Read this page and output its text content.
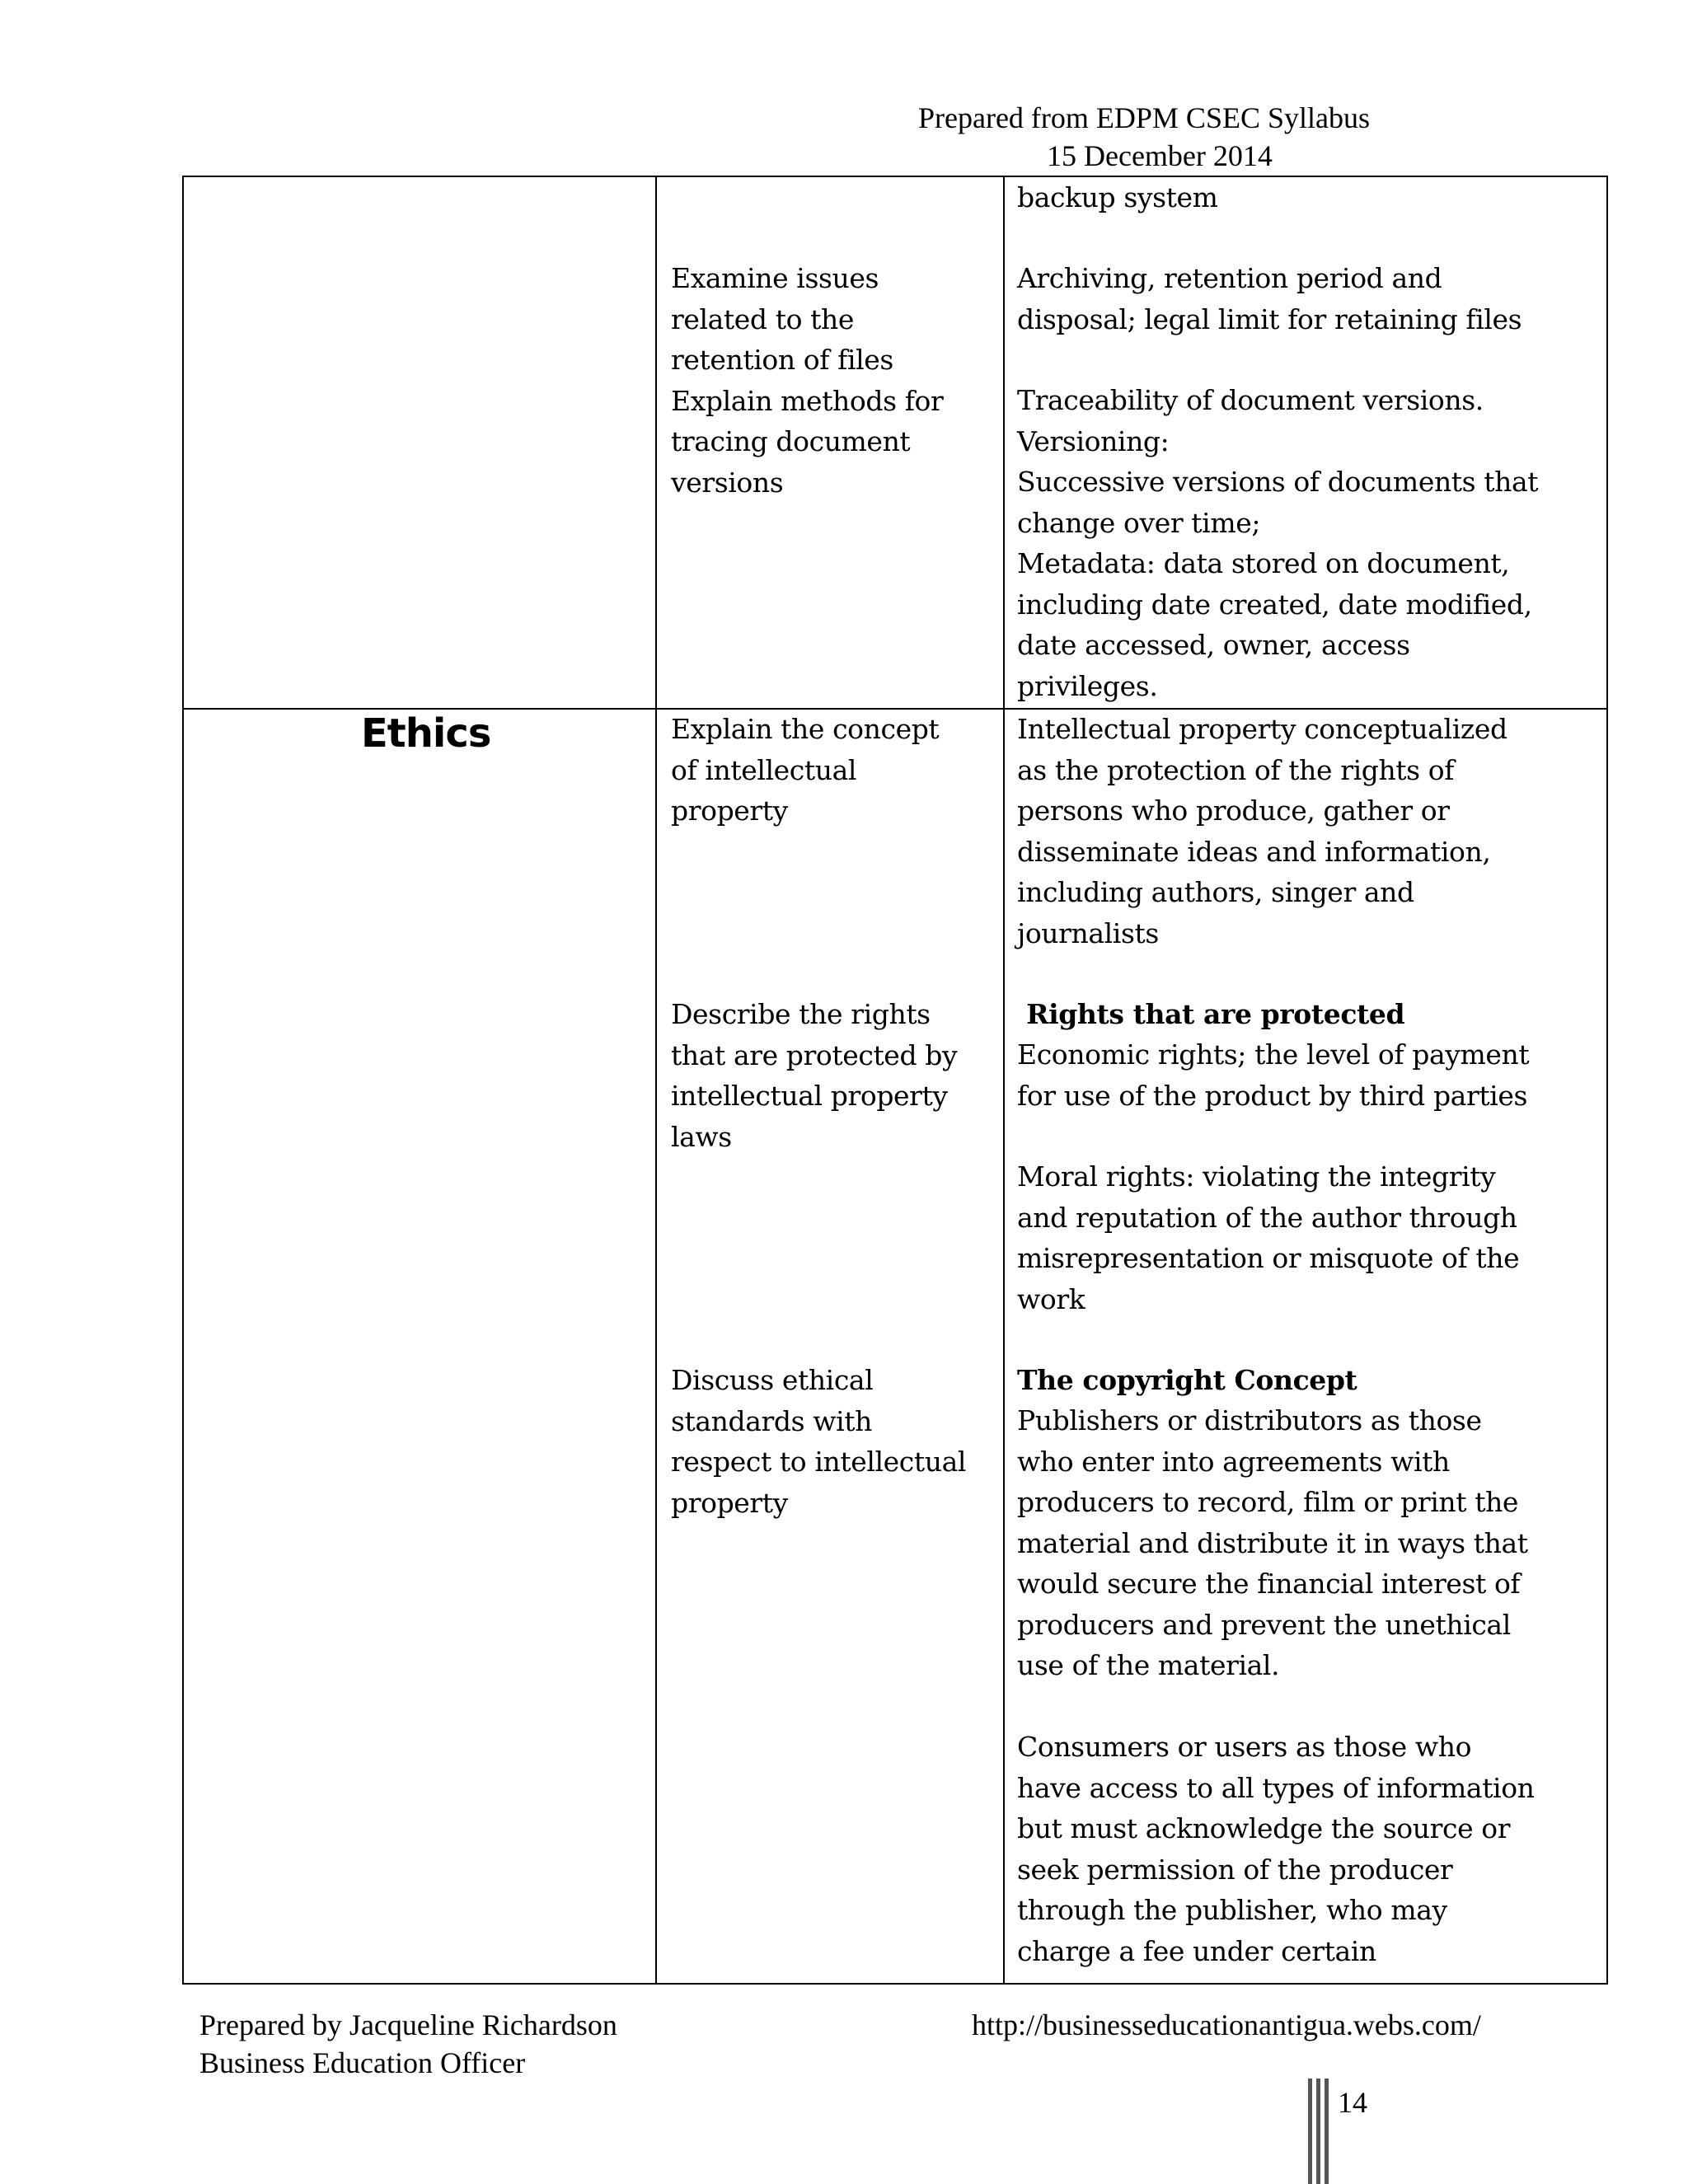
Prepared from EDPM CSEC Syllabus
15 December 2014
Examine issues
related to the
retention of files
Explain methods for
tracing document
versions
backup system
Archiving, retention period and
disposal; legal limit for retaining files
Traceability of document versions.
Versioning:
Successive versions of documents that
change over time;
Metadata: data stored on document,
including date created, date modified,
date accessed, owner, access
privileges.
Ethics	Explain the concept
of intellectual
property
Describe the rights
that are protected by
intellectual property
laws
Discuss ethical
standards with
respect to intellectual
property
Intellectual property conceptualized
as the protection of the rights of
persons who produce, gather or
disseminate ideas and information,
including authors, singer and
journalists
Rights that are protected
Economic rights; the level of payment
for use of the product by third parties
Moral rights: violating the integrity
and reputation of the author through
misrepresentation or misquote of the
work
The copyright Concept
Publishers or distributors as those
who enter into agreements with
producers to record, film or print the
material and distribute it in ways that
would secure the financial interest of
producers and prevent the unethical
use of the material.
Consumers or users as those who
have access to all types of information
but must acknowledge the source or
seek permission of the producer
through the publisher, who may
charge a fee under certain
Prepared by Jacqueline Richardson
Business Education Officer
http://businesseducationantigua.webs.com/
14
